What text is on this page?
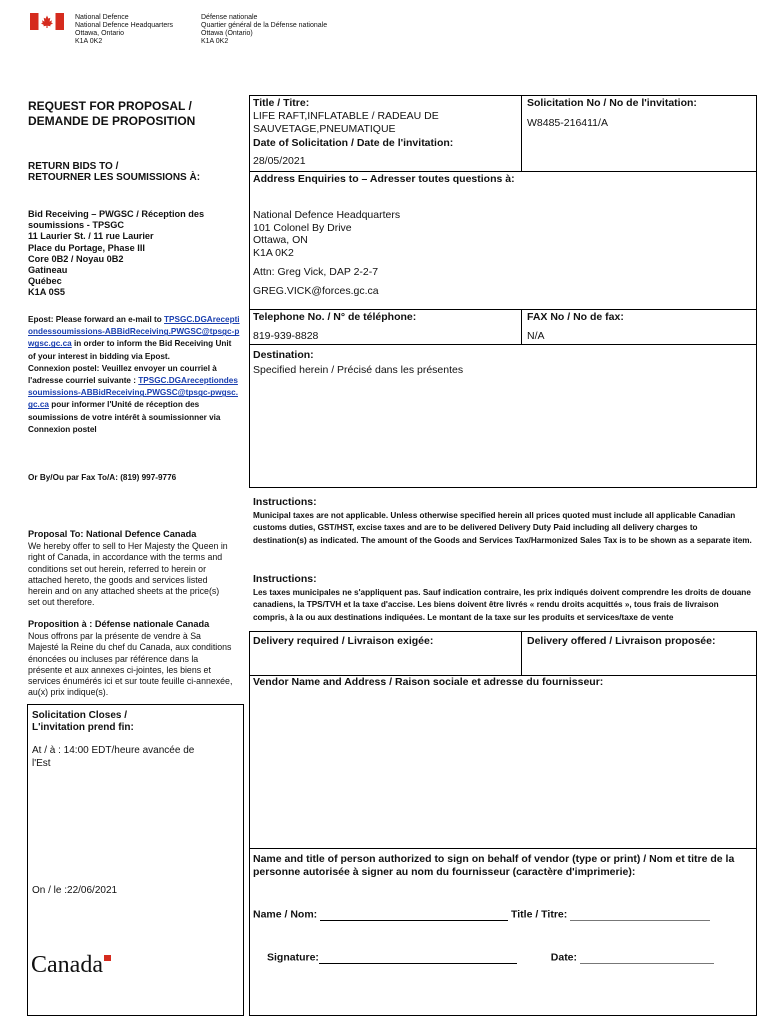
National Defence
National Defence Headquarters
Ottawa, Ontario
K1A 0K2
Défense nationale
Quartier général de la Défense nationale
Ottawa (Ontario)
K1A 0K2
REQUEST FOR PROPOSAL /
DEMANDE DE PROPOSITION
RETURN BIDS TO /
RETOURNER LES SOUMISSIONS À:
Bid Receiving – PWGSC / Réception des
soumissions - TPSGC
11 Laurier St. / 11 rue Laurier
Place du Portage, Phase III
Core 0B2 / Noyau 0B2
Gatineau
Québec
K1A 0S5
Epost: Please forward an e-mail to TPSGC.DGAreceptiondessoumissions-ABBidReceiving.PWGSC@tpsgc-pwgsc.gc.ca in order to inform the Bid Receiving Unit of your interest in bidding via Epost.
Connexion postel: Veuillez envoyer un courriel à l'adresse courriel suivante : TPSGC.DGAreceptiondessoumissions-ABBidReceiving.PWGSC@tpsgc-pwgsc.gc.ca pour informer l'Unité de réception des soumissions de votre intérêt à soumissionner via Connexion postel
Or By/Ou par Fax To/A: (819) 997-9776
Proposal To: National Defence Canada
We hereby offer to sell to Her Majesty the Queen in right of Canada, in accordance with the terms and conditions set out herein, referred to herein or attached hereto, the goods and services listed herein and on any attached sheets at the price(s) set out therefore.
Proposition à : Défense nationale Canada
Nous offrons par la présente de vendre à Sa Majesté la Reine du chef du Canada, aux conditions énoncées ou incluses par référence dans la présente et aux annexes ci-jointes, les biens et services énumérés ici et sur toute feuille ci-annexée, au(x) prix indique(s).
Solicitation Closes /
L'invitation prend fin:
At / à : 14:00 EDT/heure avancée de l'Est
On / le :22/06/2021
Canada
Title / Titre:
LIFE RAFT,INFLATABLE / RADEAU DE SAUVETAGE,PNEUMATIQUE
Solicitation No / No de l'invitation:
W8485-216411/A
Date of Solicitation / Date de l'invitation:
28/05/2021
Address Enquiries to – Adresser toutes questions à:
National Defence Headquarters
101 Colonel By Drive
Ottawa, ON
K1A 0K2
Attn: Greg Vick, DAP 2-2-7
GREG.VICK@forces.gc.ca
Telephone No. / N° de téléphone:
819-939-8828
FAX No / No de fax:
N/A
Destination:
Specified herein / Précisé dans les présentes
Instructions:
Municipal taxes are not applicable. Unless otherwise specified herein all prices quoted must include all applicable Canadian customs duties, GST/HST, excise taxes and are to be delivered Delivery Duty Paid including all delivery charges to destination(s) as indicated. The amount of the Goods and Services Tax/Harmonized Sales Tax is to be shown as a separate item.
Instructions:
Les taxes municipales ne s'appliquent pas. Sauf indication contraire, les prix indiqués doivent comprendre les droits de douane canadiens, la TPS/TVH et la taxe d'accise. Les biens doivent être livrés « rendu droits acquittés », tous frais de livraison compris, à la ou aux destinations indiquées. Le montant de la taxe sur les produits et services/taxe de vente
Delivery required / Livraison exigée:	Delivery offered / Livraison proposée:
Vendor Name and Address / Raison sociale et adresse du fournisseur:
Name and title of person authorized to sign on behalf of vendor (type or print) / Nom et titre de la personne autorisée à signer au nom du fournisseur (caractère d'imprimerie):
Name / Nom:	Title / Titre:
Signature:	Date:
